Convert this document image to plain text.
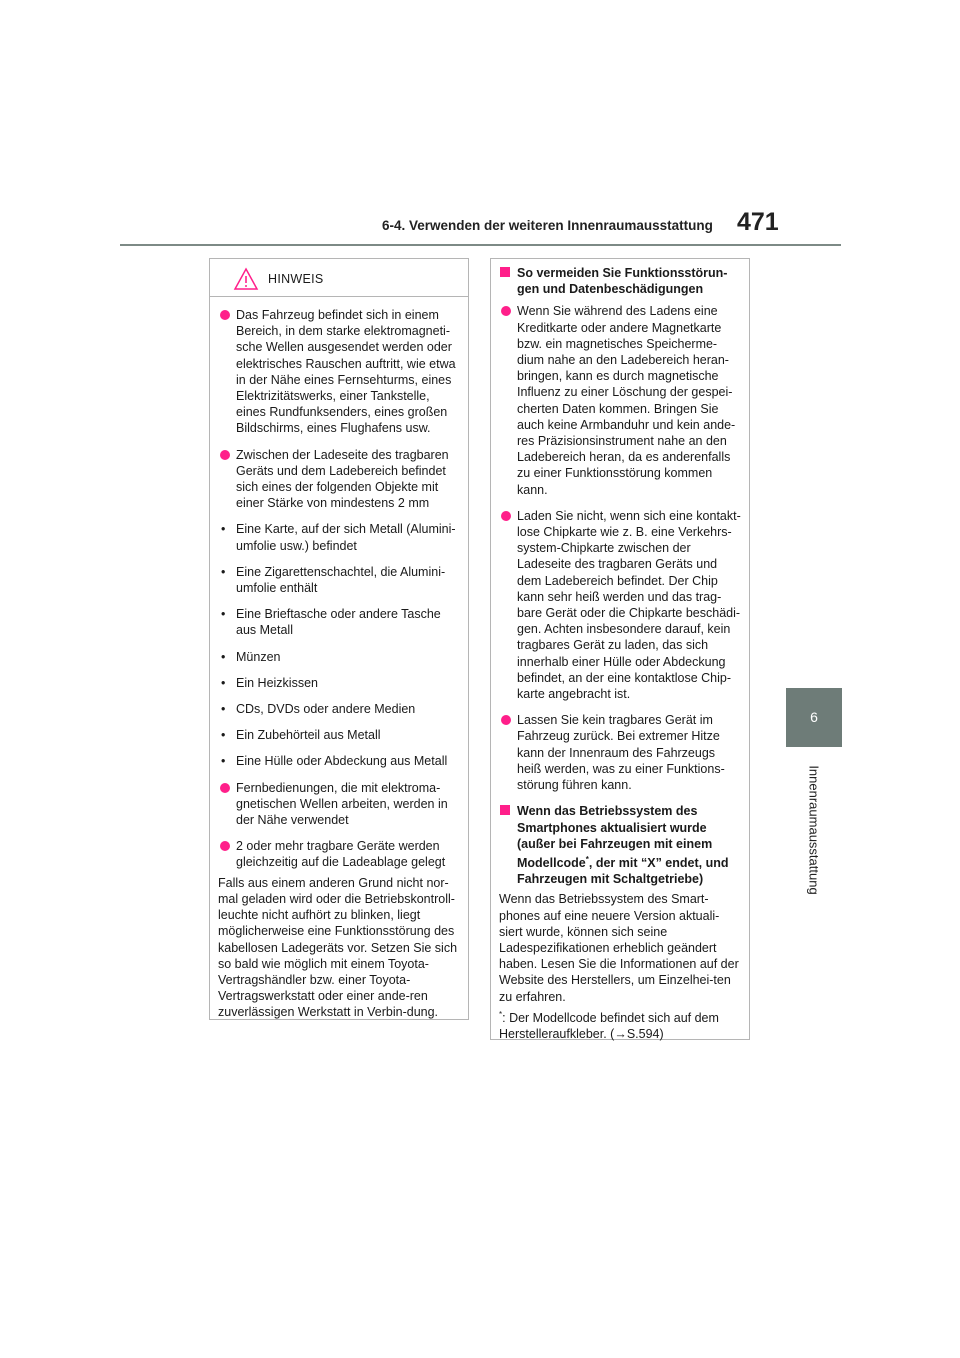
6-4. Verwenden der weiteren Innenraumausstattung 471
6
Innenraumausstattung
HINWEIS
Das Fahrzeug befindet sich in einem Bereich, in dem starke elektromagneti-sche Wellen ausgesendet werden oder elektrisches Rauschen auftritt, wie etwa in der Nähe eines Fernsehturms, eines Elektrizitätswerks, einer Tankstelle, eines Rundfunksenders, eines großen Bildschirms, eines Flughafens usw.
Zwischen der Ladeseite des tragbaren Geräts und dem Ladebereich befindet sich eines der folgenden Objekte mit einer Stärke von mindestens 2 mm
• Eine Karte, auf der sich Metall (Alumini-umfolie usw.) befindet
• Eine Zigarettenschachtel, die Alumini-umfolie enthält
• Eine Brieftasche oder andere Tasche aus Metall
• Münzen
• Ein Heizkissen
• CDs, DVDs oder andere Medien
• Ein Zubehörteil aus Metall
• Eine Hülle oder Abdeckung aus Metall
Fernbedienungen, die mit elektroma-gnetischen Wellen arbeiten, werden in der Nähe verwendet
2 oder mehr tragbare Geräte werden gleichzeitig auf die Ladeablage gelegt
Falls aus einem anderen Grund nicht nor-mal geladen wird oder die Betriebskontroll-leuchte nicht aufhört zu blinken, liegt möglicherweise eine Funktionsstörung des kabellosen Ladegeräts vor. Setzen Sie sich so bald wie möglich mit einem Toyota-Vertragshändler bzw. einer Toyota-Vertragswerkstatt oder einer ande-ren zuverlässigen Werkstatt in Verbin-dung.
So vermeiden Sie Funktionsstörun-gen und Datenbeschädigungen
Wenn Sie während des Ladens eine Kreditkarte oder andere Magnetkarte bzw. ein magnetisches Speicherme-dium nahe an den Ladebereich heran-bringen, kann es durch magnetische Influenz zu einer Löschung der gespei-cherten Daten kommen. Bringen Sie auch keine Armbanduhr und kein ande-res Präzisionsinstrument nahe an den Ladebereich heran, da es anderenfalls zu einer Funktionsstörung kommen kann.
Laden Sie nicht, wenn sich eine kontakt-lose Chipkarte wie z. B. eine Verkehrs-system-Chipkarte zwischen der Ladeseite des tragbaren Geräts und dem Ladebereich befindet. Der Chip kann sehr heiß werden und das trag-bare Gerät oder die Chipkarte beschädi-gen. Achten insbesondere darauf, kein tragbares Gerät zu laden, das sich innerhalb einer Hülle oder Abdeckung befindet, an der eine kontaktlose Chip-karte angebracht ist.
Lassen Sie kein tragbares Gerät im Fahrzeug zurück. Bei extremer Hitze kann der Innenraum des Fahrzeugs heiß werden, was zu einer Funktions-störung führen kann.
Wenn das Betriebssystem des Smartphones aktualisiert wurde (außer bei Fahrzeugen mit einem Modellcode*, der mit “X” endet, und Fahrzeugen mit Schaltgetriebe)
Wenn das Betriebssystem des Smart-phones auf eine neuere Version aktuali-siert wurde, können sich seine Ladespezifikationen erheblich geändert haben. Lesen Sie die Informationen auf der Website des Herstellers, um Einzelhei-ten zu erfahren.
*: Der Modellcode befindet sich auf dem Herstelleraufkleber. (→S.594)
